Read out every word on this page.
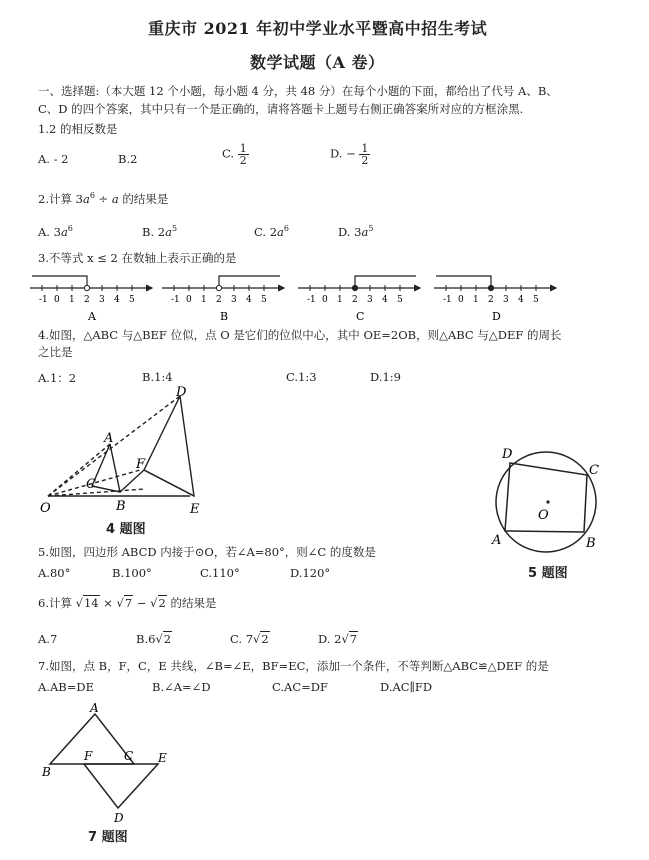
重庆市 2021 年初中学业水平暨高中招生考试
数学试题（A 卷）
一、选择题:（本大题 12 个小题，每小题 4 分，共 48 分）在每个小题的下面，都给出了代号 A、B、
C、D 的四个答案，其中只有一个是正确的，请将答题卡上题号右侧正确答案所对应的方框涂黑.
1.2 的相反数是
A. - 2	B.2	C. $\frac{1}{2}$	D. − $\frac{1}{2}$
2.计算 $3a^6 \div a$ 的结果是
A. $3a^6$	B. $2a^5$	C. $2a^6$	D. $3a^5$
3.不等式 x ≤ 2 在数轴上表示正确的是
-1 0 1 2 3 4 5
A
-1 0 1 2 3 4 5
B
-1 0 1 2 3 4 5
C
-1 0 1 2 3 4 5
D
4.如图，△ABC 与△BEF 位似，点 O 是它们的位似中心，其中 OE=2OB，则△ABC 与△DEF 的周长
之比是
A.1：2	B.1:4	C.1:3	D.1:9
D
A
C
F
B	E
O
4 题图
D
C
O
A	B
5 题图
5.如图，四边形 ABCD 内接于⊙O，若∠A=80°，则∠C 的度数是
A.80°	B.100°	C.110°	D.120°
6.计算 √14 × √7 − √2 的结果是
A.7	B.6√2	C. 7√2	D. 2√7
7.如图，点 B，F，C，E 共线，∠B=∠E，BF=EC，添加一个条件，不等判断△ABC≌△DEF 的是
A.AB=DE	B.∠A=∠D	C.AC=DF	D.AC∥FD
A
B
F	C E
D
7 题图
